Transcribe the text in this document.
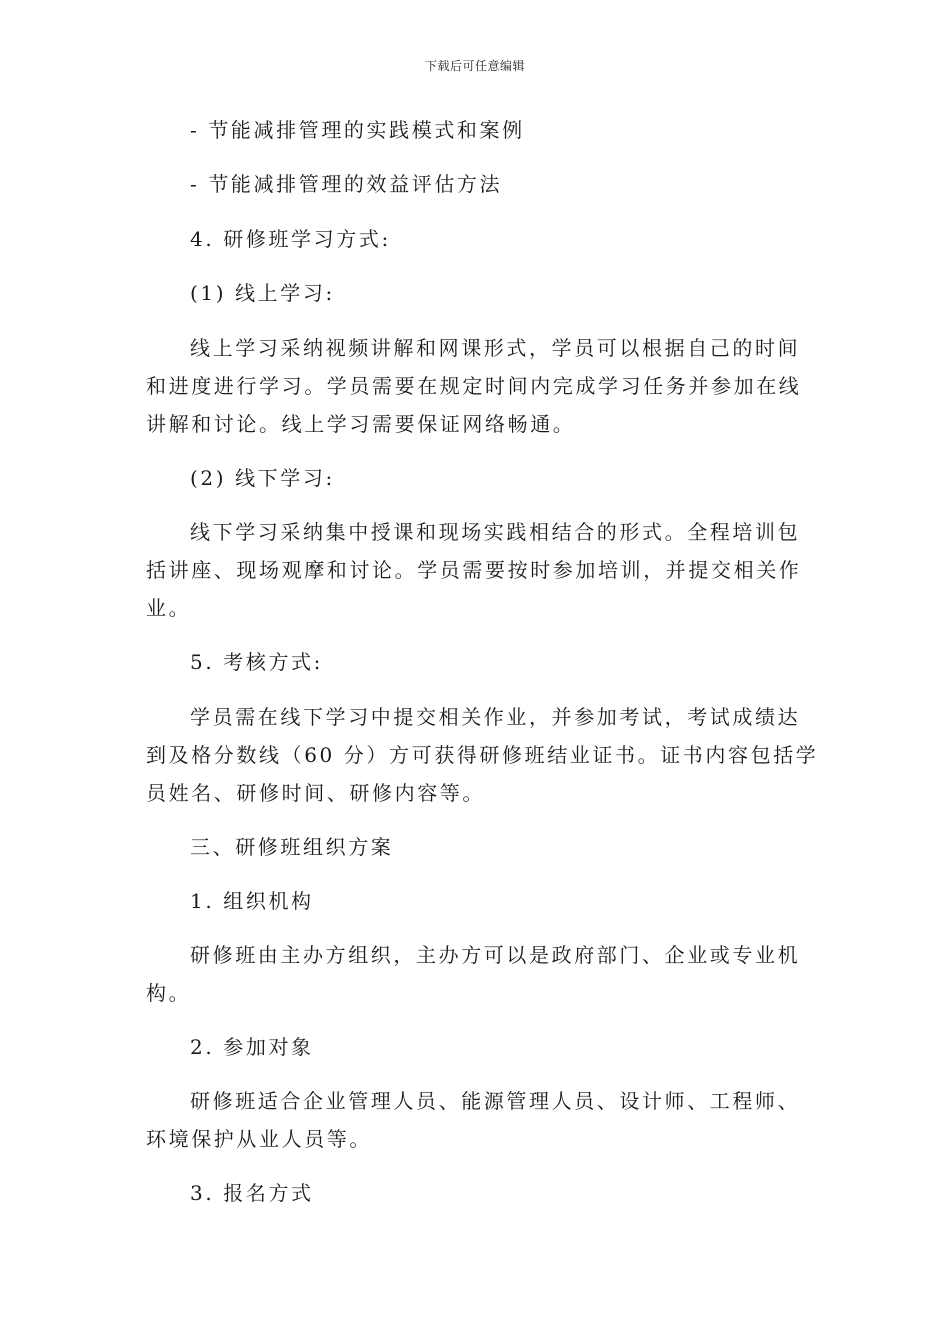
下载后可任意编辑
- 节能减排管理的实践模式和案例
- 节能减排管理的效益评估方法
4. 研修班学习方式:
(1) 线上学习:
线上学习采纳视频讲解和网课形式，学员可以根据自己的时间
和进度进行学习。学员需要在规定时间内完成学习任务并参加在线
讲解和讨论。线上学习需要保证网络畅通。
(2) 线下学习:
线下学习采纳集中授课和现场实践相结合的形式。全程培训包
括讲座、现场观摩和讨论。学员需要按时参加培训，并提交相关作
业。
5. 考核方式:
学员需在线下学习中提交相关作业，并参加考试，考试成绩达
到及格分数线（60 分）方可获得研修班结业证书。证书内容包括学
员姓名、研修时间、研修内容等。
三、研修班组织方案
1. 组织机构
研修班由主办方组织，主办方可以是政府部门、企业或专业机
构。
2. 参加对象
研修班适合企业管理人员、能源管理人员、设计师、工程师、
环境保护从业人员等。
3. 报名方式
